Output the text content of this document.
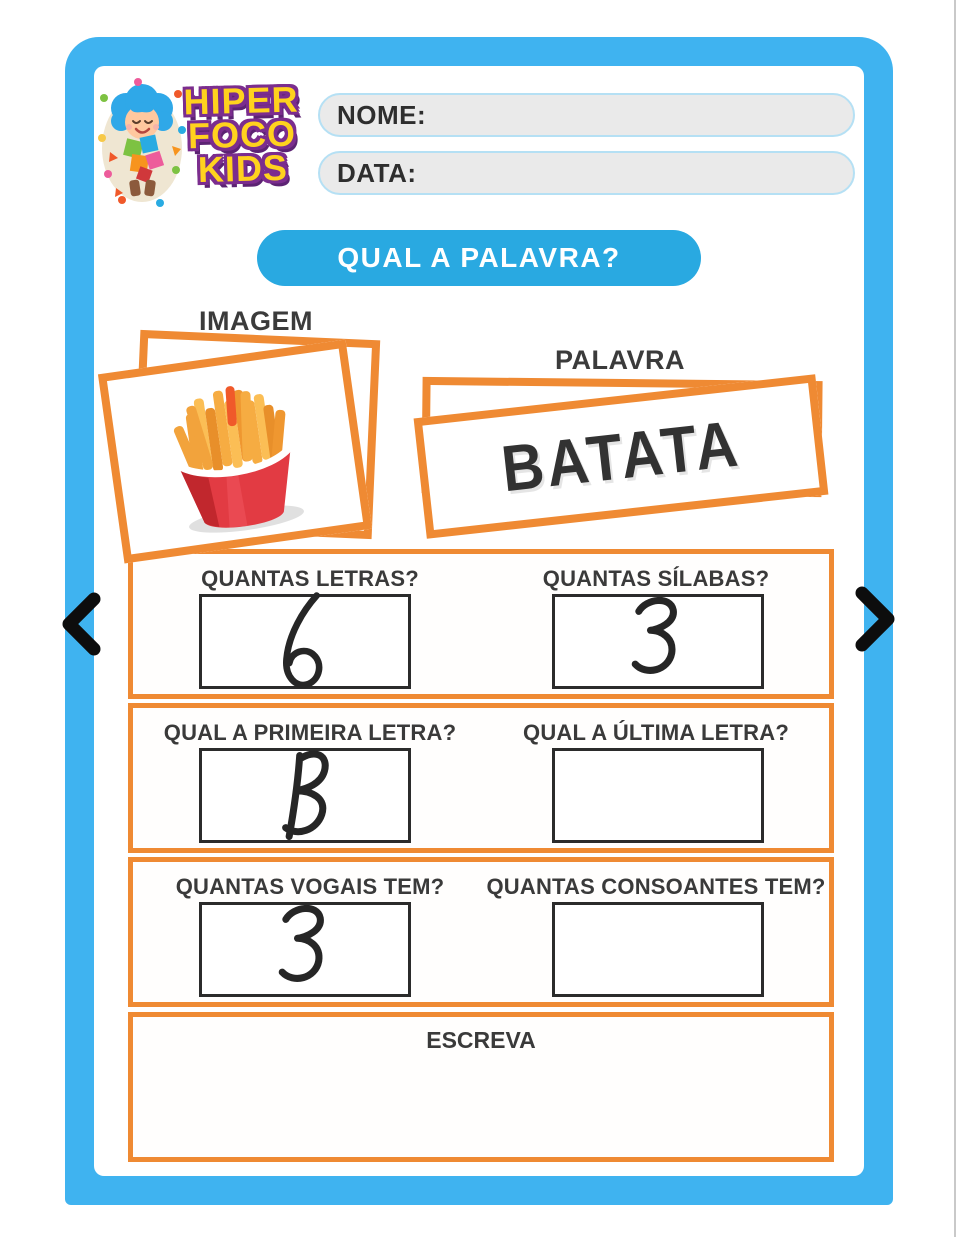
HIPER
FOCO
KIDS
NOME:
DATA:
QUAL A PALAVRA?
IMAGEM
PALAVRA
BATATA
QUANTAS LETRAS?	QUANTAS SÍLABAS?
QUAL A PRIMEIRA LETRA?	QUAL A ÚLTIMA LETRA?
QUANTAS VOGAIS TEM?	QUANTAS CONSOANTES TEM?
ESCREVA
